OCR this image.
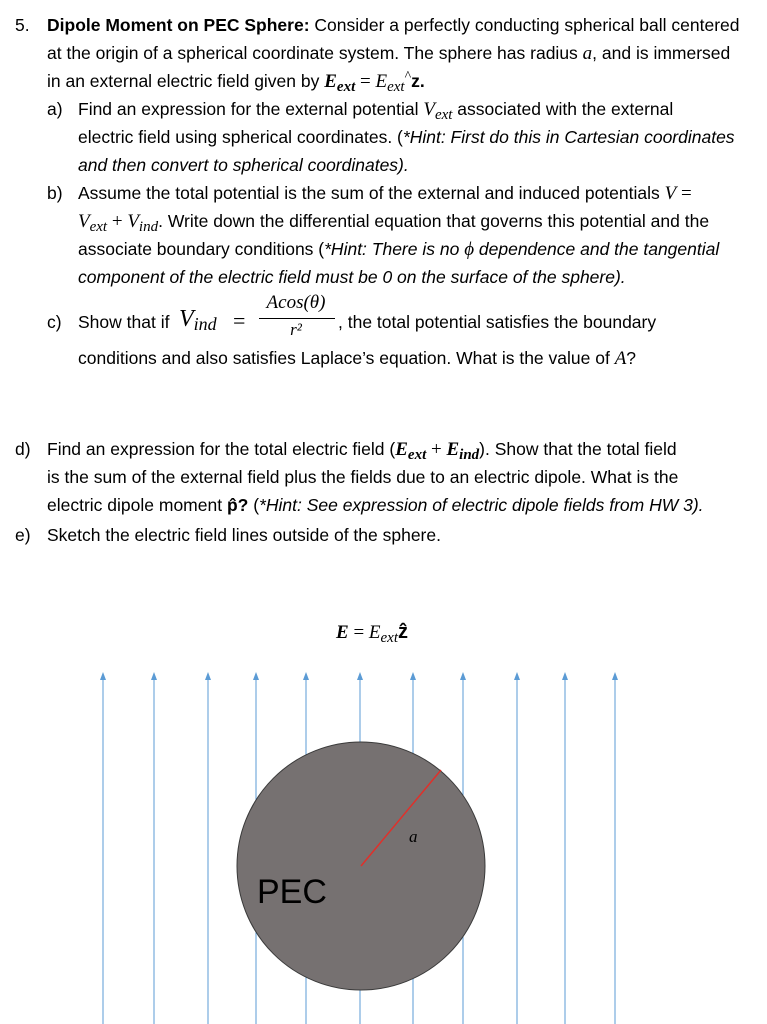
5. Dipole Moment on PEC Sphere: Consider a perfectly conducting spherical ball centered
at the origin of a spherical coordinate system. The sphere has radius a, and is immersed
in an external electric field given by $E_{ext} = E_{ext}^{\^{}}z$.
a) Find an expression for the external potential $V_{ext}$ associated with the external
electric field using spherical coordinates. (*Hint: First do this in Cartesian coordinates
and then convert to spherical coordinates).
b) Assume the total potential is the sum of the external and induced potentials V =
$V_{ext} + V_{ind}$. Write down the differential equation that governs this potential and the
associate boundary conditions (*Hint: There is no ϕ dependence and the tangential
component of the electric field must be 0 on the surface of the sphere).
c) Show that if $V_{ind}$ =
Acos(θ)
r²	, the total potential satisfies the boundary
conditions and also satisfies Laplace’s equation. What is the value of A?
d) Find an expression for the total electric field $(E_{ext} + E_{ind})$. Show that the total field
is the sum of the external field plus the fields due to an electric dipole. What is the
electric dipole moment p̂? (*Hint: See expression of electric dipole fields from HW 3).
e) Sketch the electric field lines outside of the sphere.
$E = E_{ext}ẑ$
PEC
a
